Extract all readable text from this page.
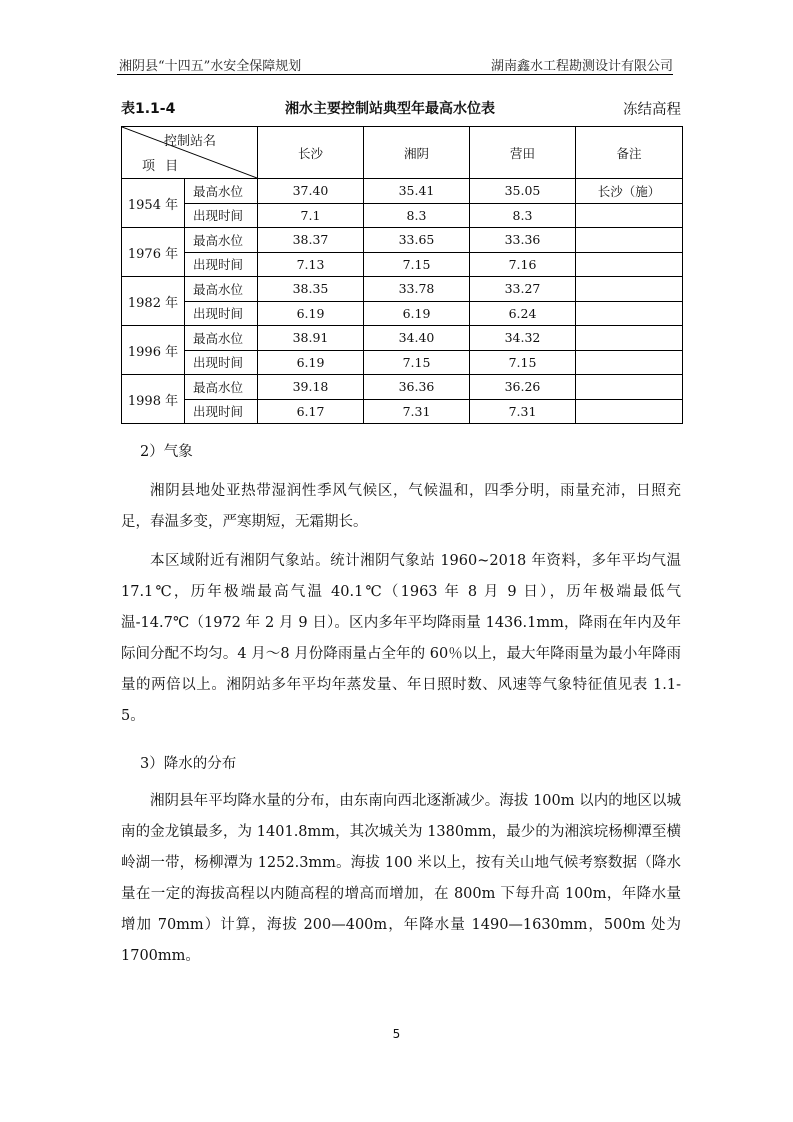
湘阴县“十四五”水安全保障规划	湖南鑫水工程勘测设计有限公司
表1.1-4	湘水主要控制站典型年最高水位表	冻结高程
控制站名
项 目		长沙	湘阴	营田	备注
1954 年	最高水位	37.40	35.41	35.05	长沙（施）
	出现时间	7.1	8.3	8.3	
1976 年	最高水位	38.37	33.65	33.36	
	出现时间	7.13	7.15	7.16	
1982 年	最高水位	38.35	33.78	33.27	
	出现时间	6.19	6.19	6.24	
1996 年	最高水位	38.91	34.40	34.32	
	出现时间	6.19	7.15	7.15	
1998 年	最高水位	39.18	36.36	36.26	
	出现时间	6.17	7.31	7.31	
2）气象

湘阴县地处亚热带湿润性季风气候区，气候温和，四季分明，雨量充沛，日照充足，春温多变，严寒期短，无霜期长。

本区域附近有湘阴气象站。统计湘阴气象站 1960~2018 年资料，多年平均气温 17.1℃，历年极端最高气温 40.1℃（1963 年 8 月 9 日），历年极端最低气温-14.7℃（1972 年 2 月 9 日）。区内多年平均降雨量 1436.1mm，降雨在年内及年际间分配不均匀。4 月～8 月份降雨量占全年的 60％以上，最大年降雨量为最小年降雨量的两倍以上。湘阴站多年平均年蒸发量、年日照时数、风速等气象特征值见表 1.1-5。

3）降水的分布

湘阴县年平均降水量的分布，由东南向西北逐渐减少。海拔 100m 以内的地区以城南的金龙镇最多，为 1401.8mm，其次城关为 1380mm，最少的为湘滨垸杨柳潭至横岭湖一带，杨柳潭为 1252.3mm。海拔 100 米以上，按有关山地气候考察数据（降水量在一定的海拔高程以内随高程的增高而增加，在 800m 下每升高 100m，年降水量增加 70mm）计算，海拔 200—400m，年降水量 1490—1630mm，500m 处为 1700mm。

5
